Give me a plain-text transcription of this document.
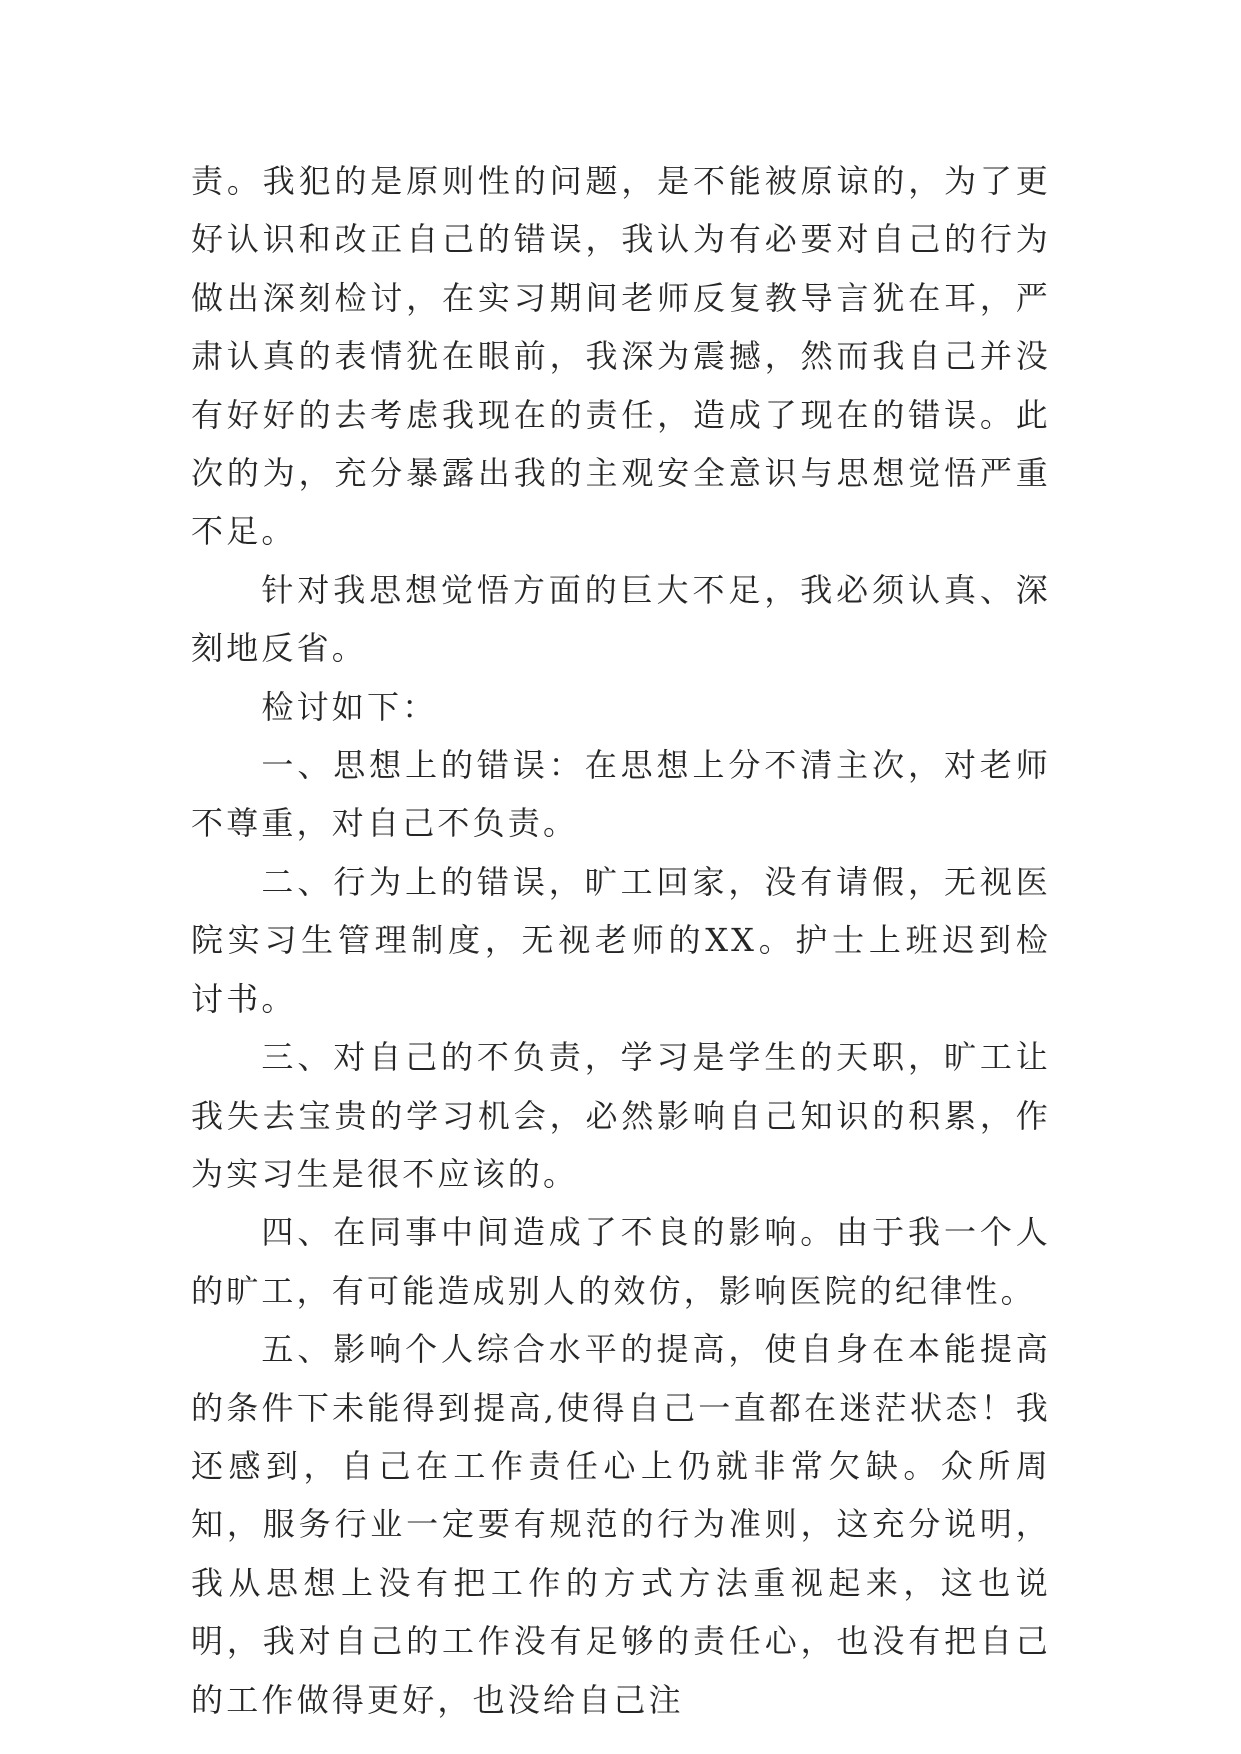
责。我犯的是原则性的问题，是不能被原谅的，为了更好认识和改正自己的错误，我认为有必要对自己的行为做出深刻检讨，在实习期间老师反复教导言犹在耳，严肃认真的表情犹在眼前，我深为震撼，然而我自己并没有好好的去考虑我现在的责任，造成了现在的错误。此次的为，充分暴露出我的主观安全意识与思想觉悟严重不足。

针对我思想觉悟方面的巨大不足，我必须认真、深刻地反省。

检讨如下：

一、思想上的错误：在思想上分不清主次，对老师不尊重，对自己不负责。

二、行为上的错误，旷工回家，没有请假，无视医院实习生管理制度，无视老师的XX。护士上班迟到检讨书。

三、对自己的不负责，学习是学生的天职，旷工让我失去宝贵的学习机会，必然影响自己知识的积累，作为实习生是很不应该的。

四、在同事中间造成了不良的影响。由于我一个人的旷工，有可能造成别人的效仿，影响医院的纪律性。

五、影响个人综合水平的提高，使自身在本能提高的条件下未能得到提高,使得自己一直都在迷茫状态！我还感到，自己在工作责任心上仍就非常欠缺。众所周知，服务行业一定要有规范的行为准则，这充分说明，我从思想上没有把工作的方式方法重视起来，这也说明，我对自己的工作没有足够的责任心，也没有把自己的工作做得更好，也没给自己注
